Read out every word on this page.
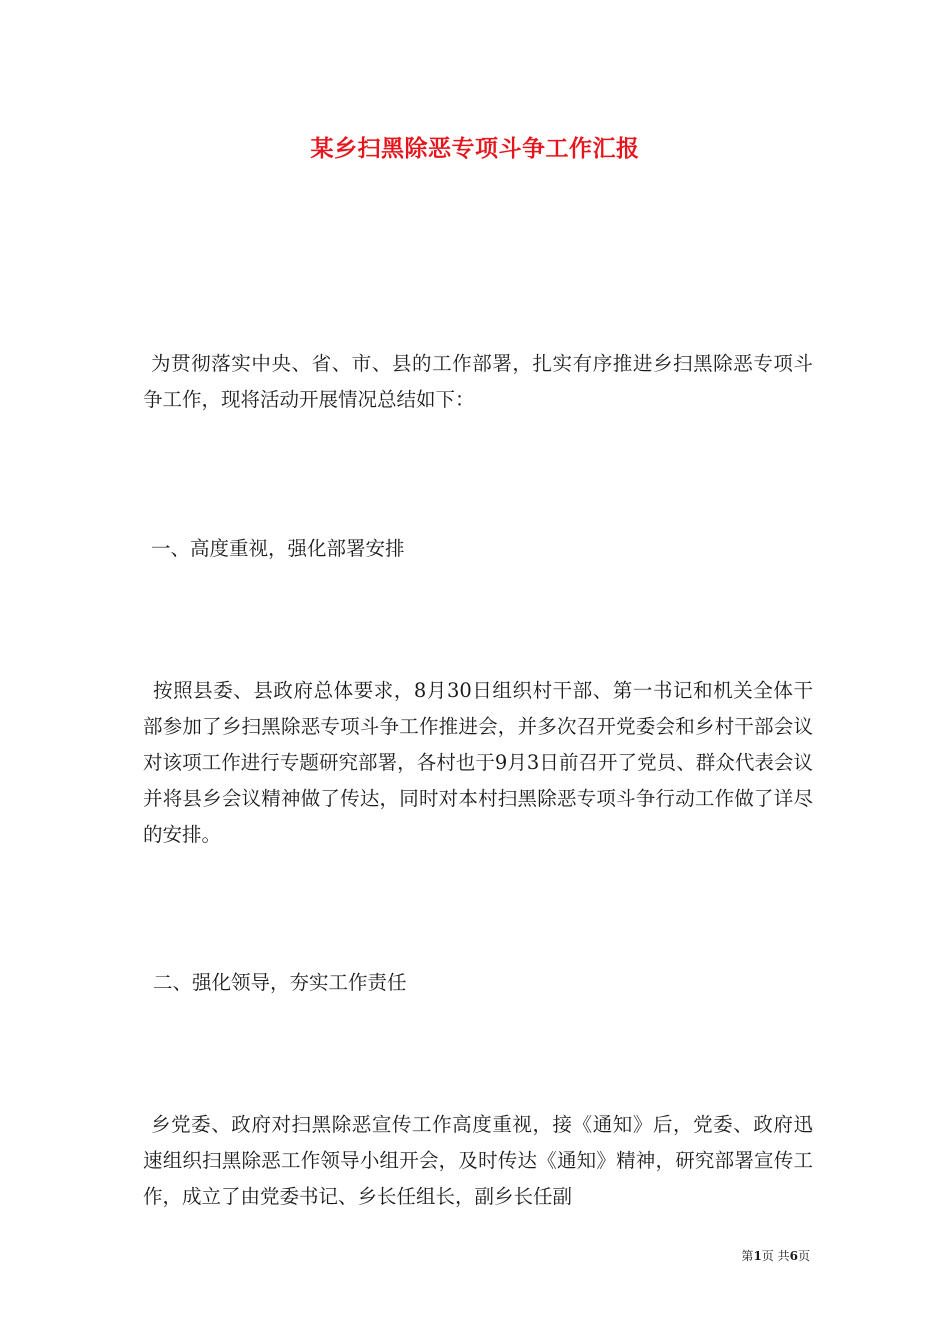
某乡扫黑除恶专项斗争工作汇报

为贯彻落实中央、省、市、县的工作部署，扎实有序推进乡扫黑除恶专项斗争工作，现将活动开展情况总结如下：

一、高度重视，强化部署安排

按照县委、县政府总体要求，8月30日组织村干部、第一书记和机关全体干部参加了乡扫黑除恶专项斗争工作推进会，并多次召开党委会和乡村干部会议对该项工作进行专题研究部署，各村也于9月3日前召开了党员、群众代表会议并将县乡会议精神做了传达，同时对本村扫黑除恶专项斗争行动工作做了详尽的安排。

二、强化领导，夯实工作责任

乡党委、政府对扫黑除恶宣传工作高度重视，接《通知》后，党委、政府迅速组织扫黑除恶工作领导小组开会，及时传达《通知》精神，研究部署宣传工作，成立了由党委书记、乡长任组长，副乡长任副

第1页 共6页
